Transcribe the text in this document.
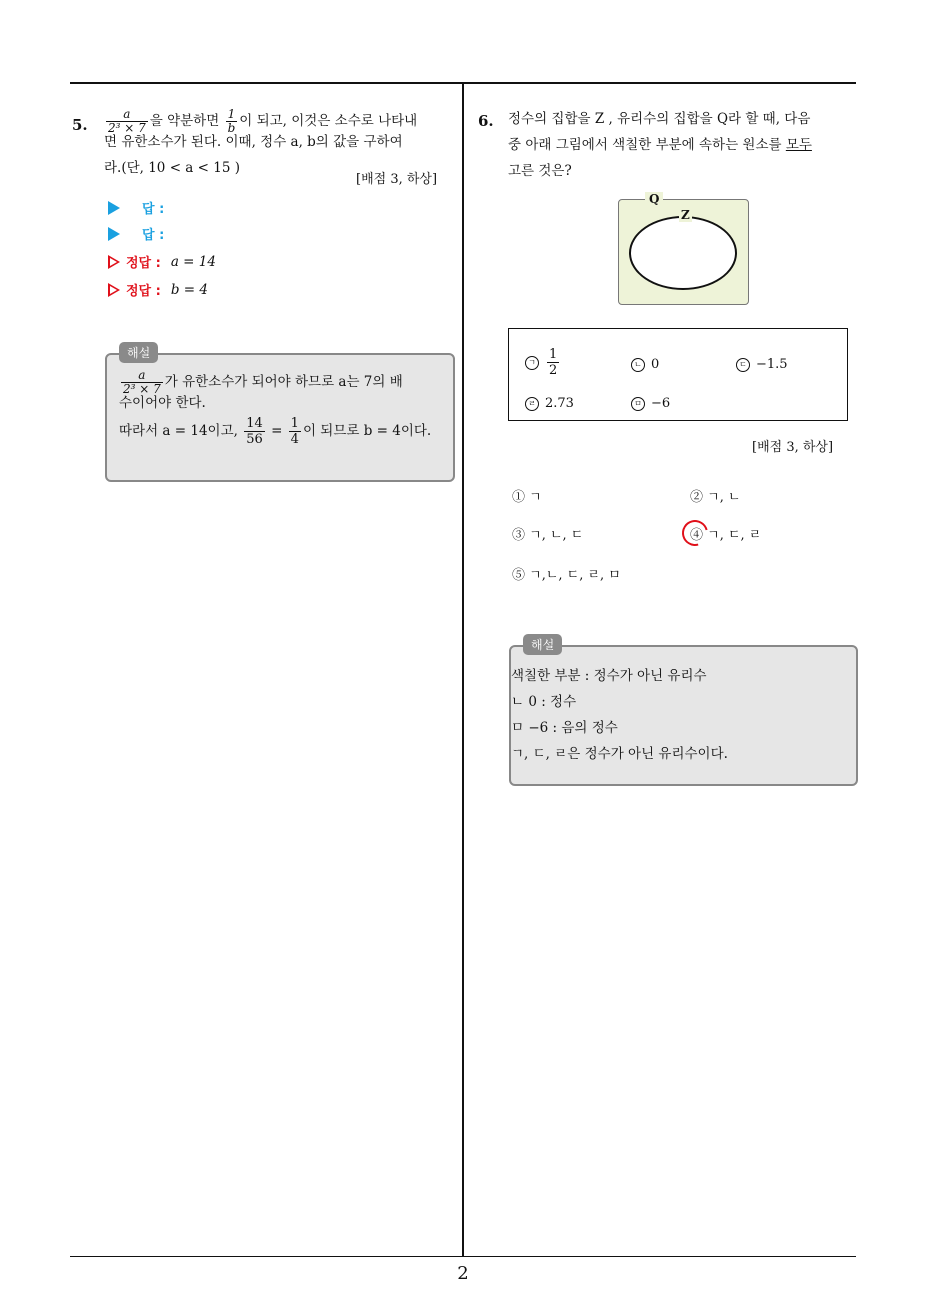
2
5. $\frac{a}{\text{2³ × 7}}$ 을 약분하면 $\frac{1}{b}$ 이 되고, 이것은 소수로 나타내
면 유한소수가 된다. 이때, 정수 a, b의 값을 구하여
라.(단, 10 < a < 15 )
[배점 3, 하상]
답 :
답 :
정답 : a = 14
정답 : b = 4
$\frac{a}{\text{2³ × 7}}$ 가 유한소수가 되어야 하므로 a는 7의 배
수이어야 한다.
따라서 a = 14이고, $\frac{14}{56} = \frac{1}{4}$ 이 되므로 b = 4이다.
해설
6. 정수의 집합을 Z , 유리수의 집합을 Q라 할 때, 다음
중 아래 그림에서 색칠한 부분에 속하는 원소를 모두
고른 것은?
Q
Z
ㄱ $\frac{1}{2}$	ㄴ 0	ㄷ −1.5
ㄹ 2.73	ㅁ −6
[배점 3, 하상]
① ㄱ	② ㄱ, ㄴ
③ ㄱ, ㄴ, ㄷ	④ ㄱ, ㄷ, ㄹ
⑤ ㄱ,ㄴ, ㄷ, ㄹ, ㅁ
색칠한 부분 : 정수가 아닌 유리수
ㄴ 0 : 정수
ㅁ −6 : 음의 정수
ㄱ, ㄷ, ㄹ은 정수가 아닌 유리수이다.
해설
